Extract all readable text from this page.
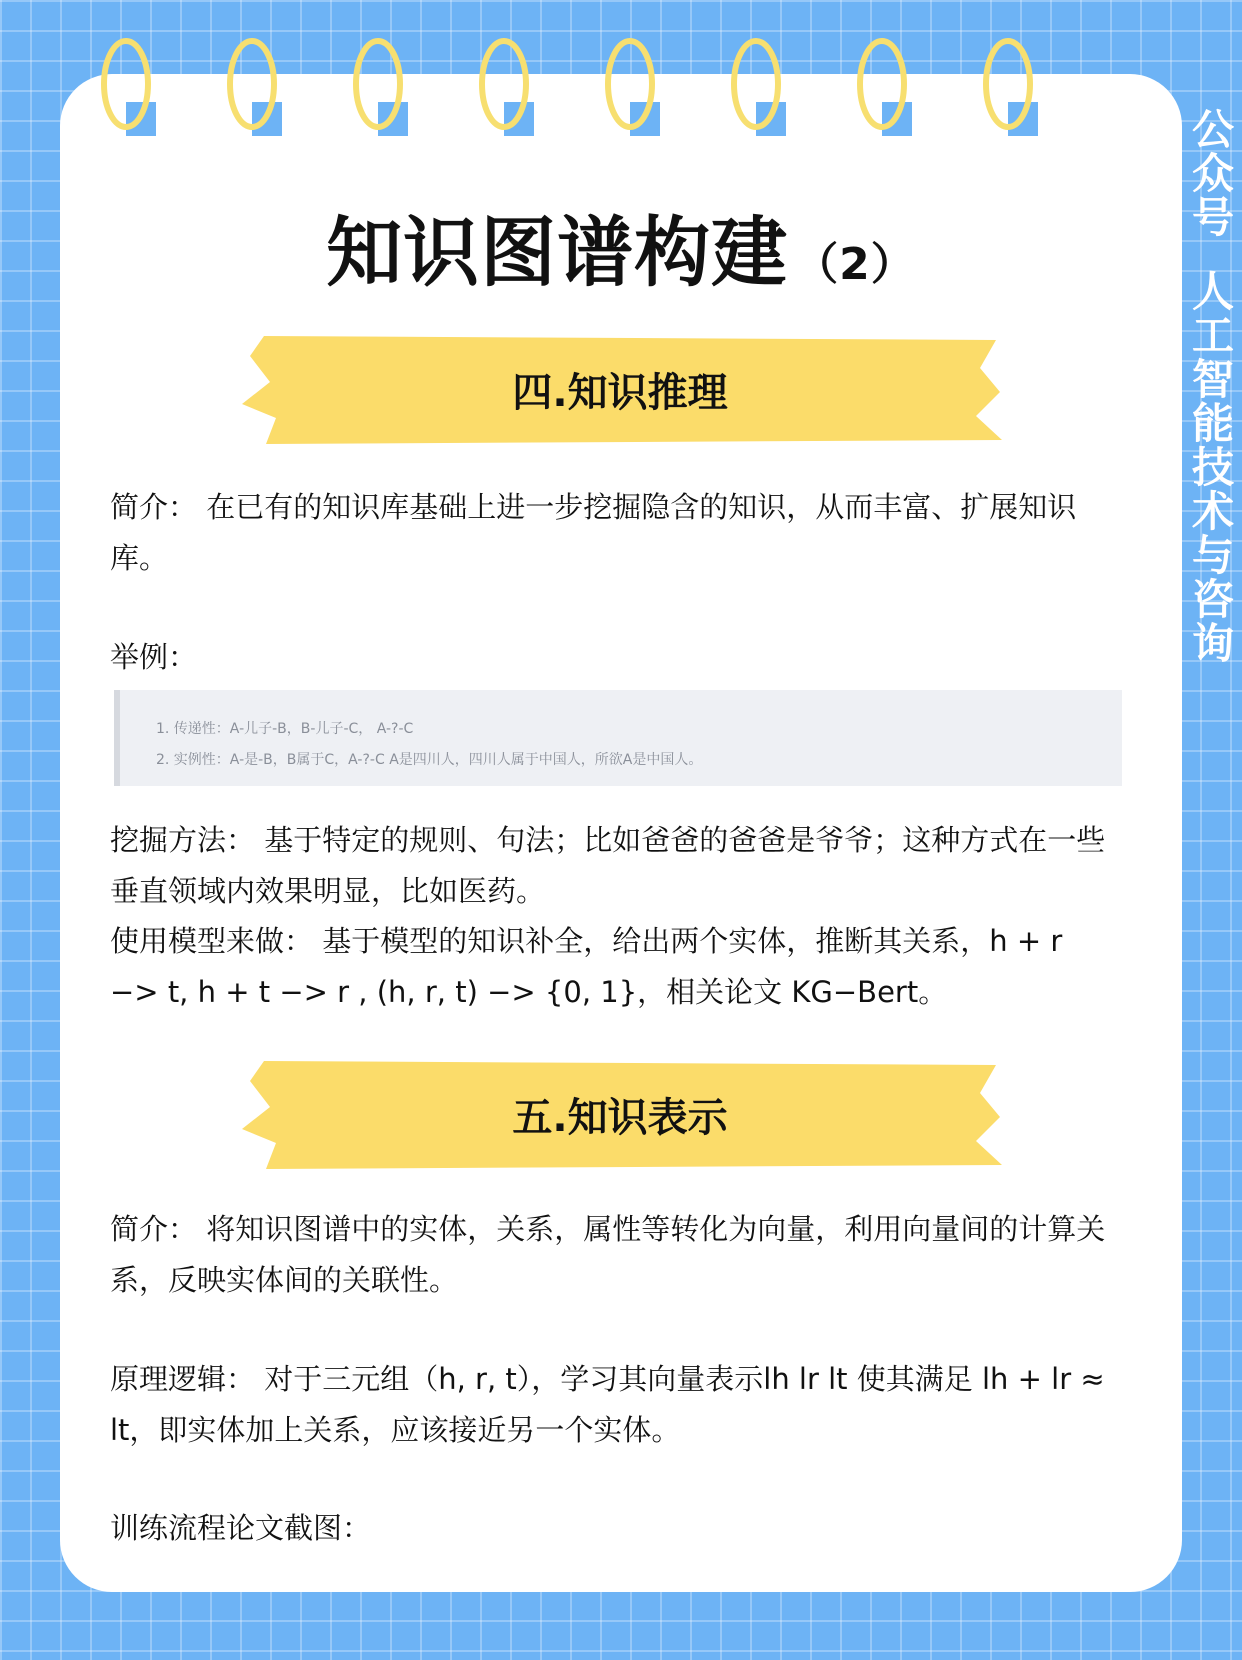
公
众
号
人
工
智
能
技
术
与
咨
询
知识图谱构建 （2）
四.知识推理
简介： 在已有的知识库基础上进一步挖掘隐含的知识，从而丰富、扩展知识库。
举例：
1. 传递性：A-儿子-B，B-儿子-C， A-?-C
2. 实例性：A-是-B，B属于C，A-?-C A是四川人，四川人属于中国人，所欲A是中国人。
挖掘方法： 基于特定的规则、句法；比如爸爸的爸爸是爷爷；这种方式在一些垂直领域内效果明显，比如医药。
使用模型来做： 基于模型的知识补全，给出两个实体，推断其关系，h + r −> t, h + t −> r , (h, r, t) −> {0, 1}，相关论文 KG−Bert。
五.知识表示
简介： 将知识图谱中的实体，关系，属性等转化为向量，利用向量间的计算关系，反映实体间的关联性。
原理逻辑： 对于三元组（h, r, t），学习其向量表示lh lr lt 使其满足 lh + lr ≈ lt，即实体加上关系，应该接近另一个实体。
训练流程论文截图：
